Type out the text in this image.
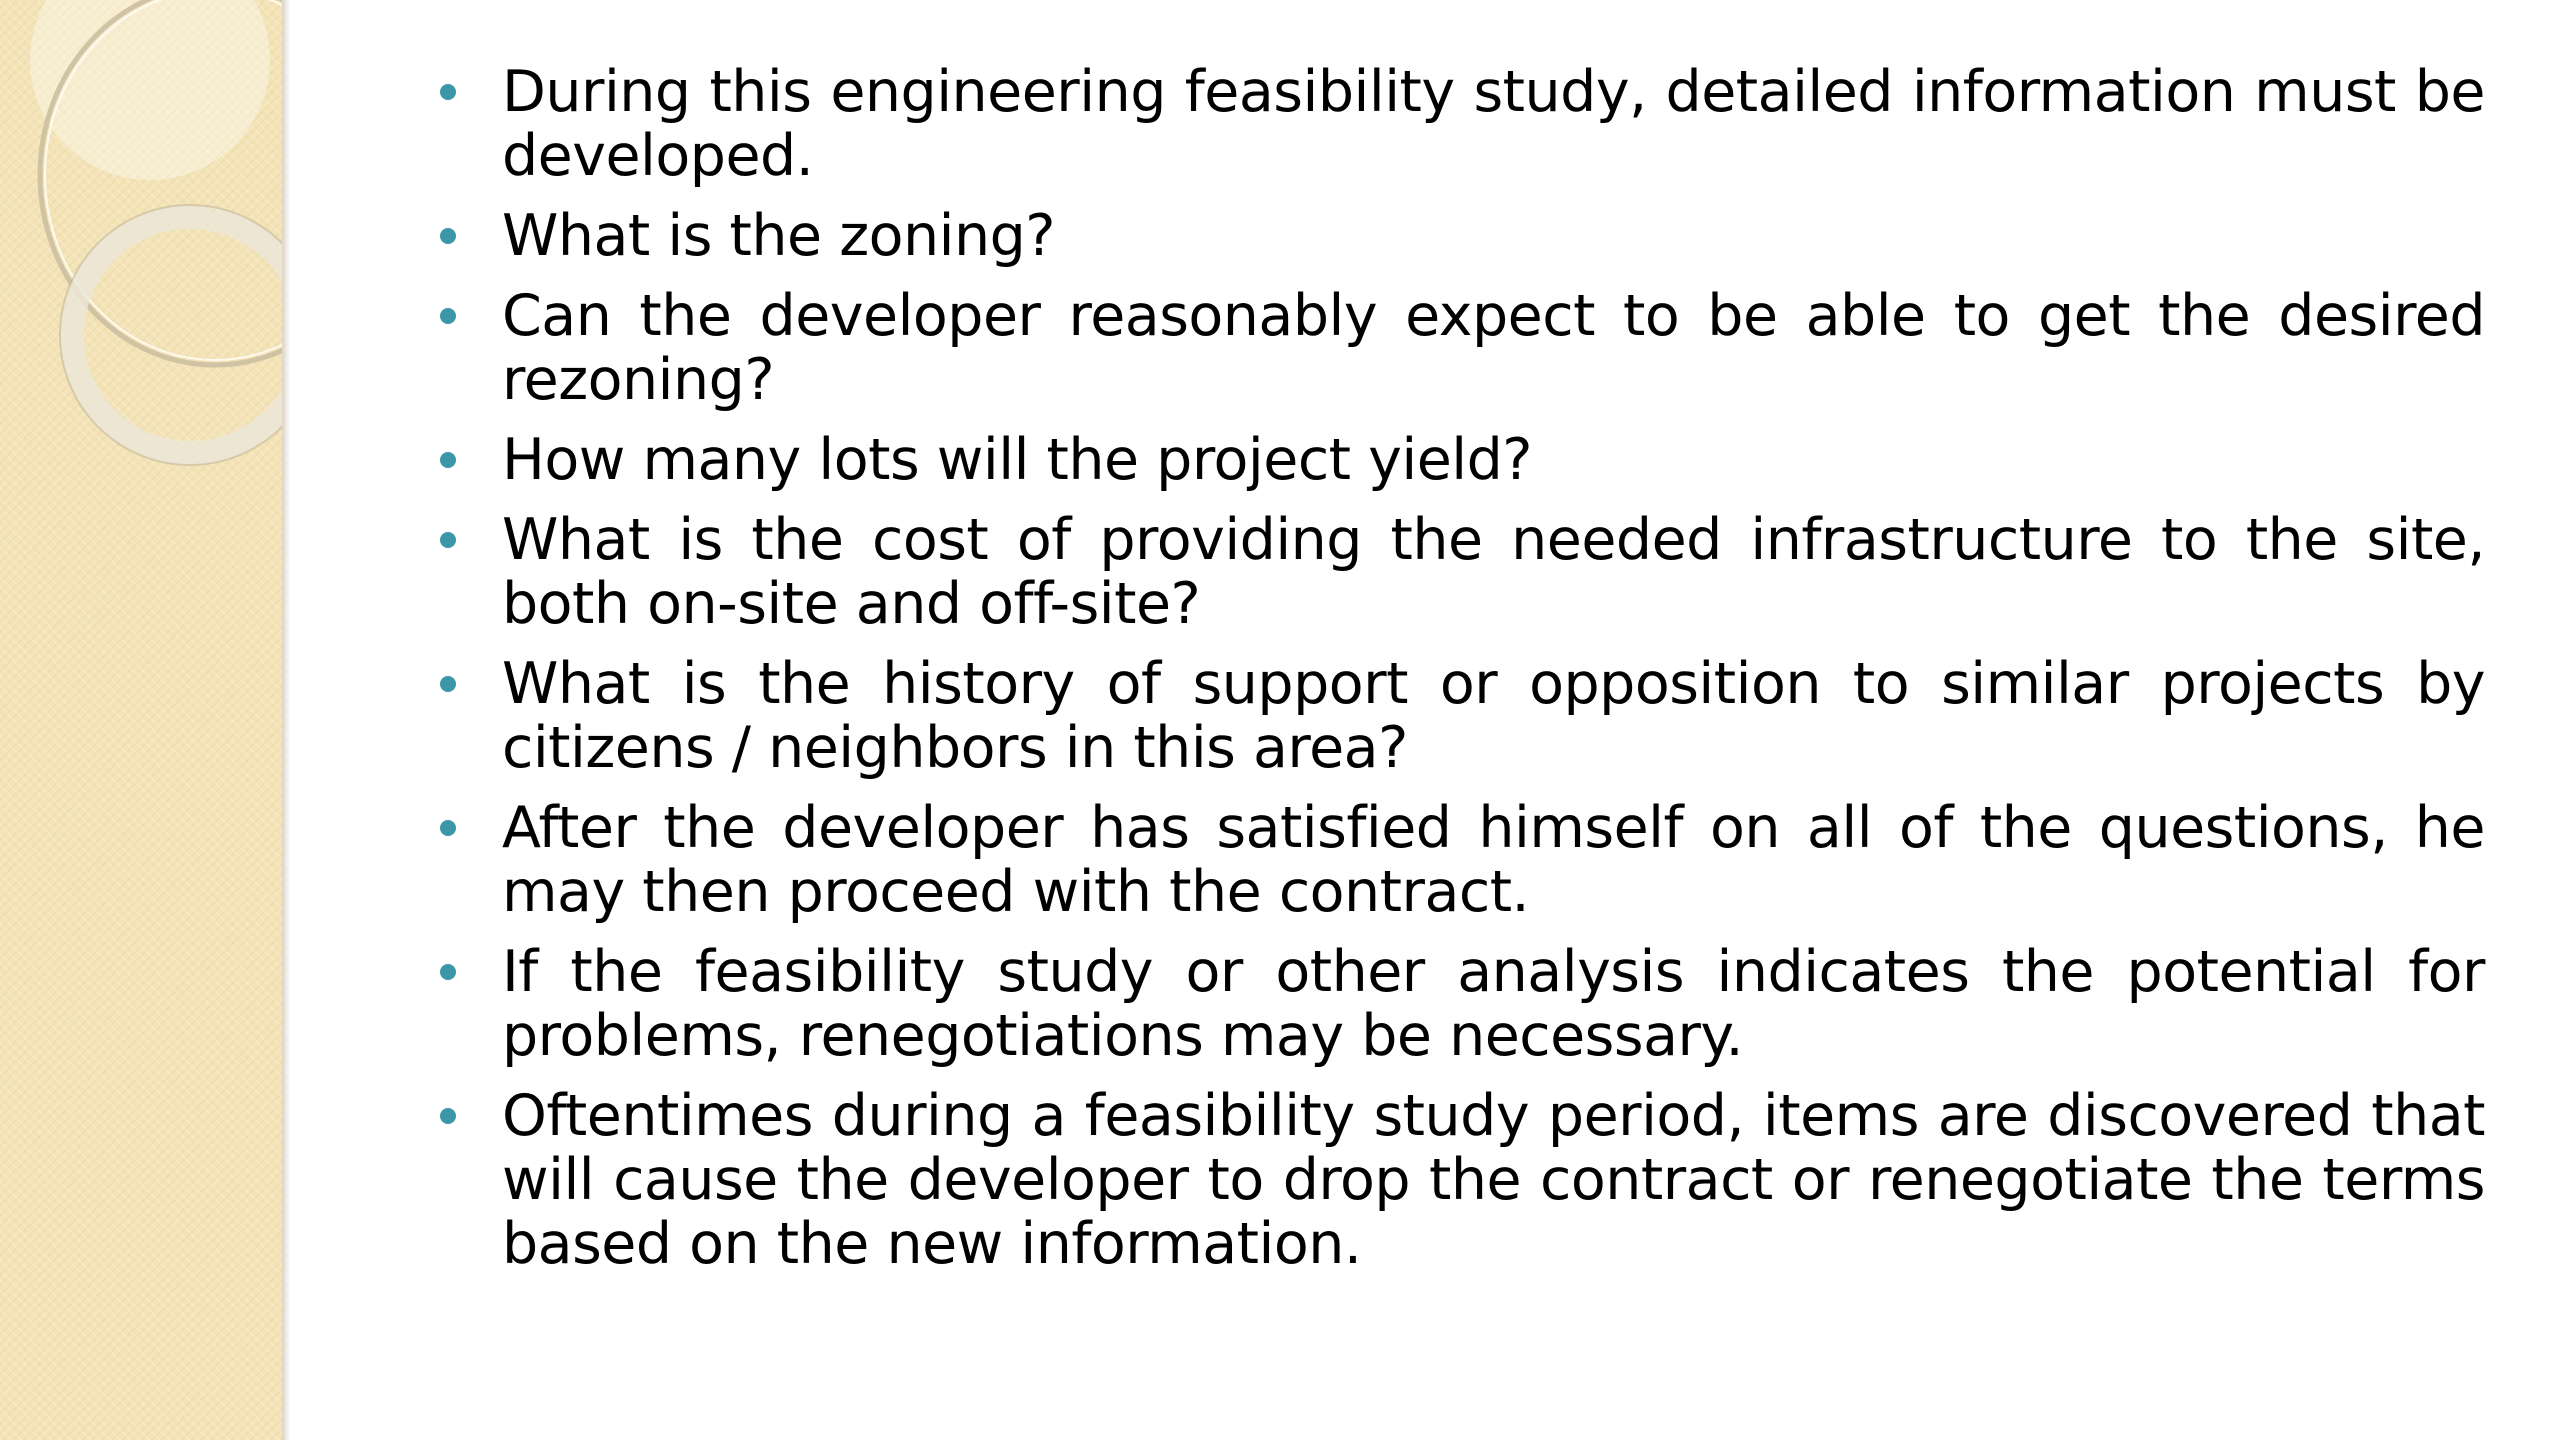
During this engineering feasibility study, detailed information must be developed.
What is the zoning?
Can the developer reasonably expect to be able to get the desired rezoning?
How many lots will the project yield?
What is the cost of providing the needed infrastructure to the site, both on-site and off-site?
What is the history of support or opposition to similar projects by citizens / neighbors in this area?
After the developer has satisfied himself on all of the questions, he may then proceed with the contract.
If the feasibility study or other analysis indicates the potential for problems, renegotiations may be necessary.
Oftentimes during a feasibility study period, items are discovered that will cause the developer to drop the contract or renegotiate the terms based on the new information.
